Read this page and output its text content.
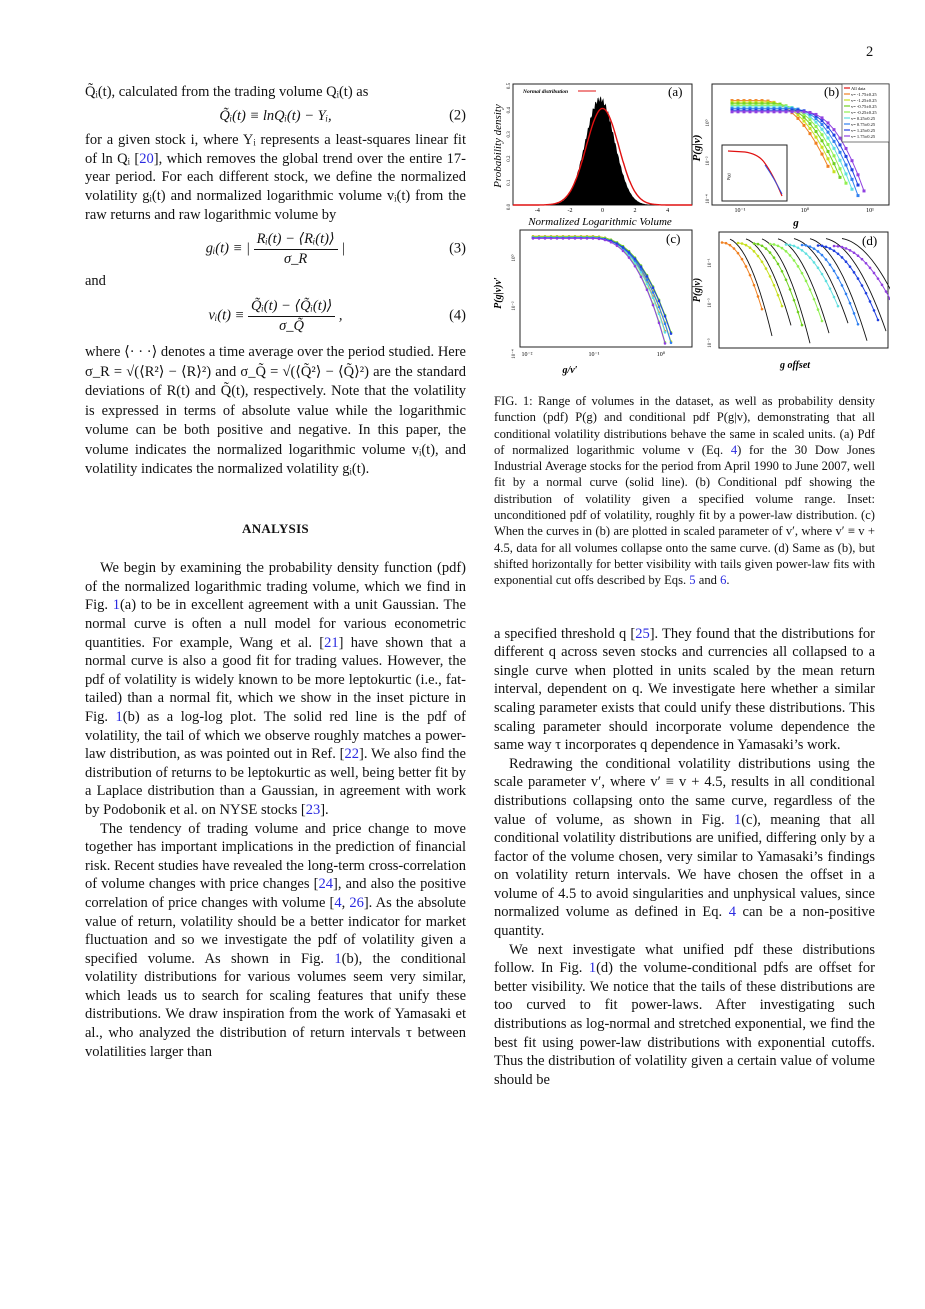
2

Q̃ᵢ(t), calculated from the trading volume Qᵢ(t) as

Q̃ᵢ(t) ≡ lnQᵢ(t) − Yᵢ,	(2)

for a given stock i, where Yᵢ represents a least-squares linear fit of ln Qᵢ [20], which removes the global trend over the entire 17-year period. For each different stock, we define the normalized volatility gᵢ(t) and normalized logarithmic volume vᵢ(t) from the raw returns and raw logarithmic volume by

gᵢ(t) ≡ | $\frac{\text{Rᵢ(t) − ⟨Rᵢ(t)⟩}}{\sigma\_R}$ |	(3)

and

vᵢ(t) ≡ $\frac{\text{Q̃ᵢ(t) − ⟨Q̃ᵢ(t)⟩}}{\sigma\_Q̃}$ ,	(4)

where ⟨· · ·⟩ denotes a time average over the period studied. Here σ_R = √(⟨R²⟩ − ⟨R⟩²) and σ_Q̃ = √(⟨Q̃²⟩ − ⟨Q̃⟩²) are the standard deviations of R(t) and Q̃(t), respectively. Note that the volatility is expressed in terms of absolute value while the logarithmic volume can be both positive and negative. In this paper, the volume indicates the normalized logarithmic volume vᵢ(t), and volatility indicates the normalized volatility gᵢ(t).

ANALYSIS

We begin by examining the probability density function (pdf) of the normalized logarithmic trading volume, which we find in Fig. 1(a) to be in excellent agreement with a unit Gaussian. The normal curve is often a null model for various econometric quantities. For example, Wang et al. [21] have shown that a normal curve is also a good fit for trading values. However, the pdf of volatility is widely known to be more leptokurtic (i.e., fat-tailed) than a normal fit, which we show in the inset picture in Fig. 1(b) as a log-log plot. The solid red line is the pdf of volatility, the tail of which we observe roughly matches a power-law distribution, as was pointed out in Ref. [22]. We also find the distribution of returns to be leptokurtic as well, being better fit by a Laplace distribution than a Gaussian, in agreement with work by Podobonik et al. on NYSE stocks [23].

The tendency of trading volume and price change to move together has important implications in the prediction of financial risk. Recent studies have revealed the long-term cross-correlation of volume changes with price changes [24], and also the positive correlation of price changes with volume [4, 26]. As the absolute value of return, volatility should be a better indicator for market fluctuation and so we investigate the pdf of volatility given a specified volume. As shown in Fig. 1(b), the conditional volatility distributions for various volumes seem very similar, which leads us to search for scaling features that unify these distributions. We draw inspiration from the work of Yamasaki et al., who analyzed the distribution of return intervals τ between volatilities larger than

Normal distribution	(a)
-4	-2	0	2	4
0.0
0.1
0.2
0.3
0.4
0.5
Normalized Logarithmic Volume
Probability density	P(g)
All data
v= -1.75±0.25
v= -1.25±0.25
v= -0.75±0.25
v= -0.25±0.25
v= 0.25±0.25
v= 0.75±0.25
v= 1.25±0.25
v= 1.75±0.25
(b)
10⁻¹	10⁰	10¹
10⁰
10⁻²
10⁻⁴
g
P(g|v)
(c)
10⁻²	10⁻¹	10⁰
10⁰
10⁻²
10⁻⁴
g/v′
P(g|v)v′
(d)
10⁻¹
10⁻³
10⁻⁵
g offset
P(g|v)
FIG. 1: Range of volumes in the dataset, as well as probability density function (pdf) P(g) and conditional pdf P(g|v), demonstrating that all conditional volatility distributions behave the same in scaled units. (a) Pdf of normalized logarithmic volume v (Eq. 4) for the 30 Dow Jones Industrial Average stocks for the period from April 1990 to June 2007, well fit by a normal curve (solid line). (b) Conditional pdf showing the distribution of volatility given a specified volume range. Inset: unconditioned pdf of volatility, roughly fit by a power-law distribution. (c) When the curves in (b) are plotted in scaled parameter of v′, where v′ ≡ v + 4.5, data for all volumes collapse onto the same curve. (d) Same as (b), but shifted horizontally for better visibility with tails given power-law fits with exponential cut offs described by Eqs. 5 and 6.

a specified threshold q [25]. They found that the distributions for different q across seven stocks and currencies all collapsed to a single curve when plotted in units scaled by the mean return interval, dependent on q. We investigate here whether a similar scaling parameter exists that could unify these distributions. This scaling parameter should incorporate volume dependence the same way τ incorporates q dependence in Yamasaki’s work.

Redrawing the conditional volatility distributions using the scale parameter v′, where v′ ≡ v + 4.5, results in all conditional distributions collapsing onto the same curve, regardless of the value of volume, as shown in Fig. 1(c), meaning that all conditional volatility distributions are unified, differing only by a factor of the volume chosen, very similar to Yamasaki’s findings on volatility return intervals. We have chosen the offset in a volume of 4.5 to avoid singularities and unphysical values, since normalized volume as defined in Eq. 4 can be a non-positive quantity.

We next investigate what unified pdf these distributions follow. In Fig. 1(d) the volume-conditional pdfs are offset for better visibility. We notice that the tails of these distributions are too curved to fit power-laws. After investigating such distributions as log-normal and stretched exponential, we find the best fit using power-law distributions with exponential cutoffs. Thus the distribution of volatility given a certain value of volume should be
